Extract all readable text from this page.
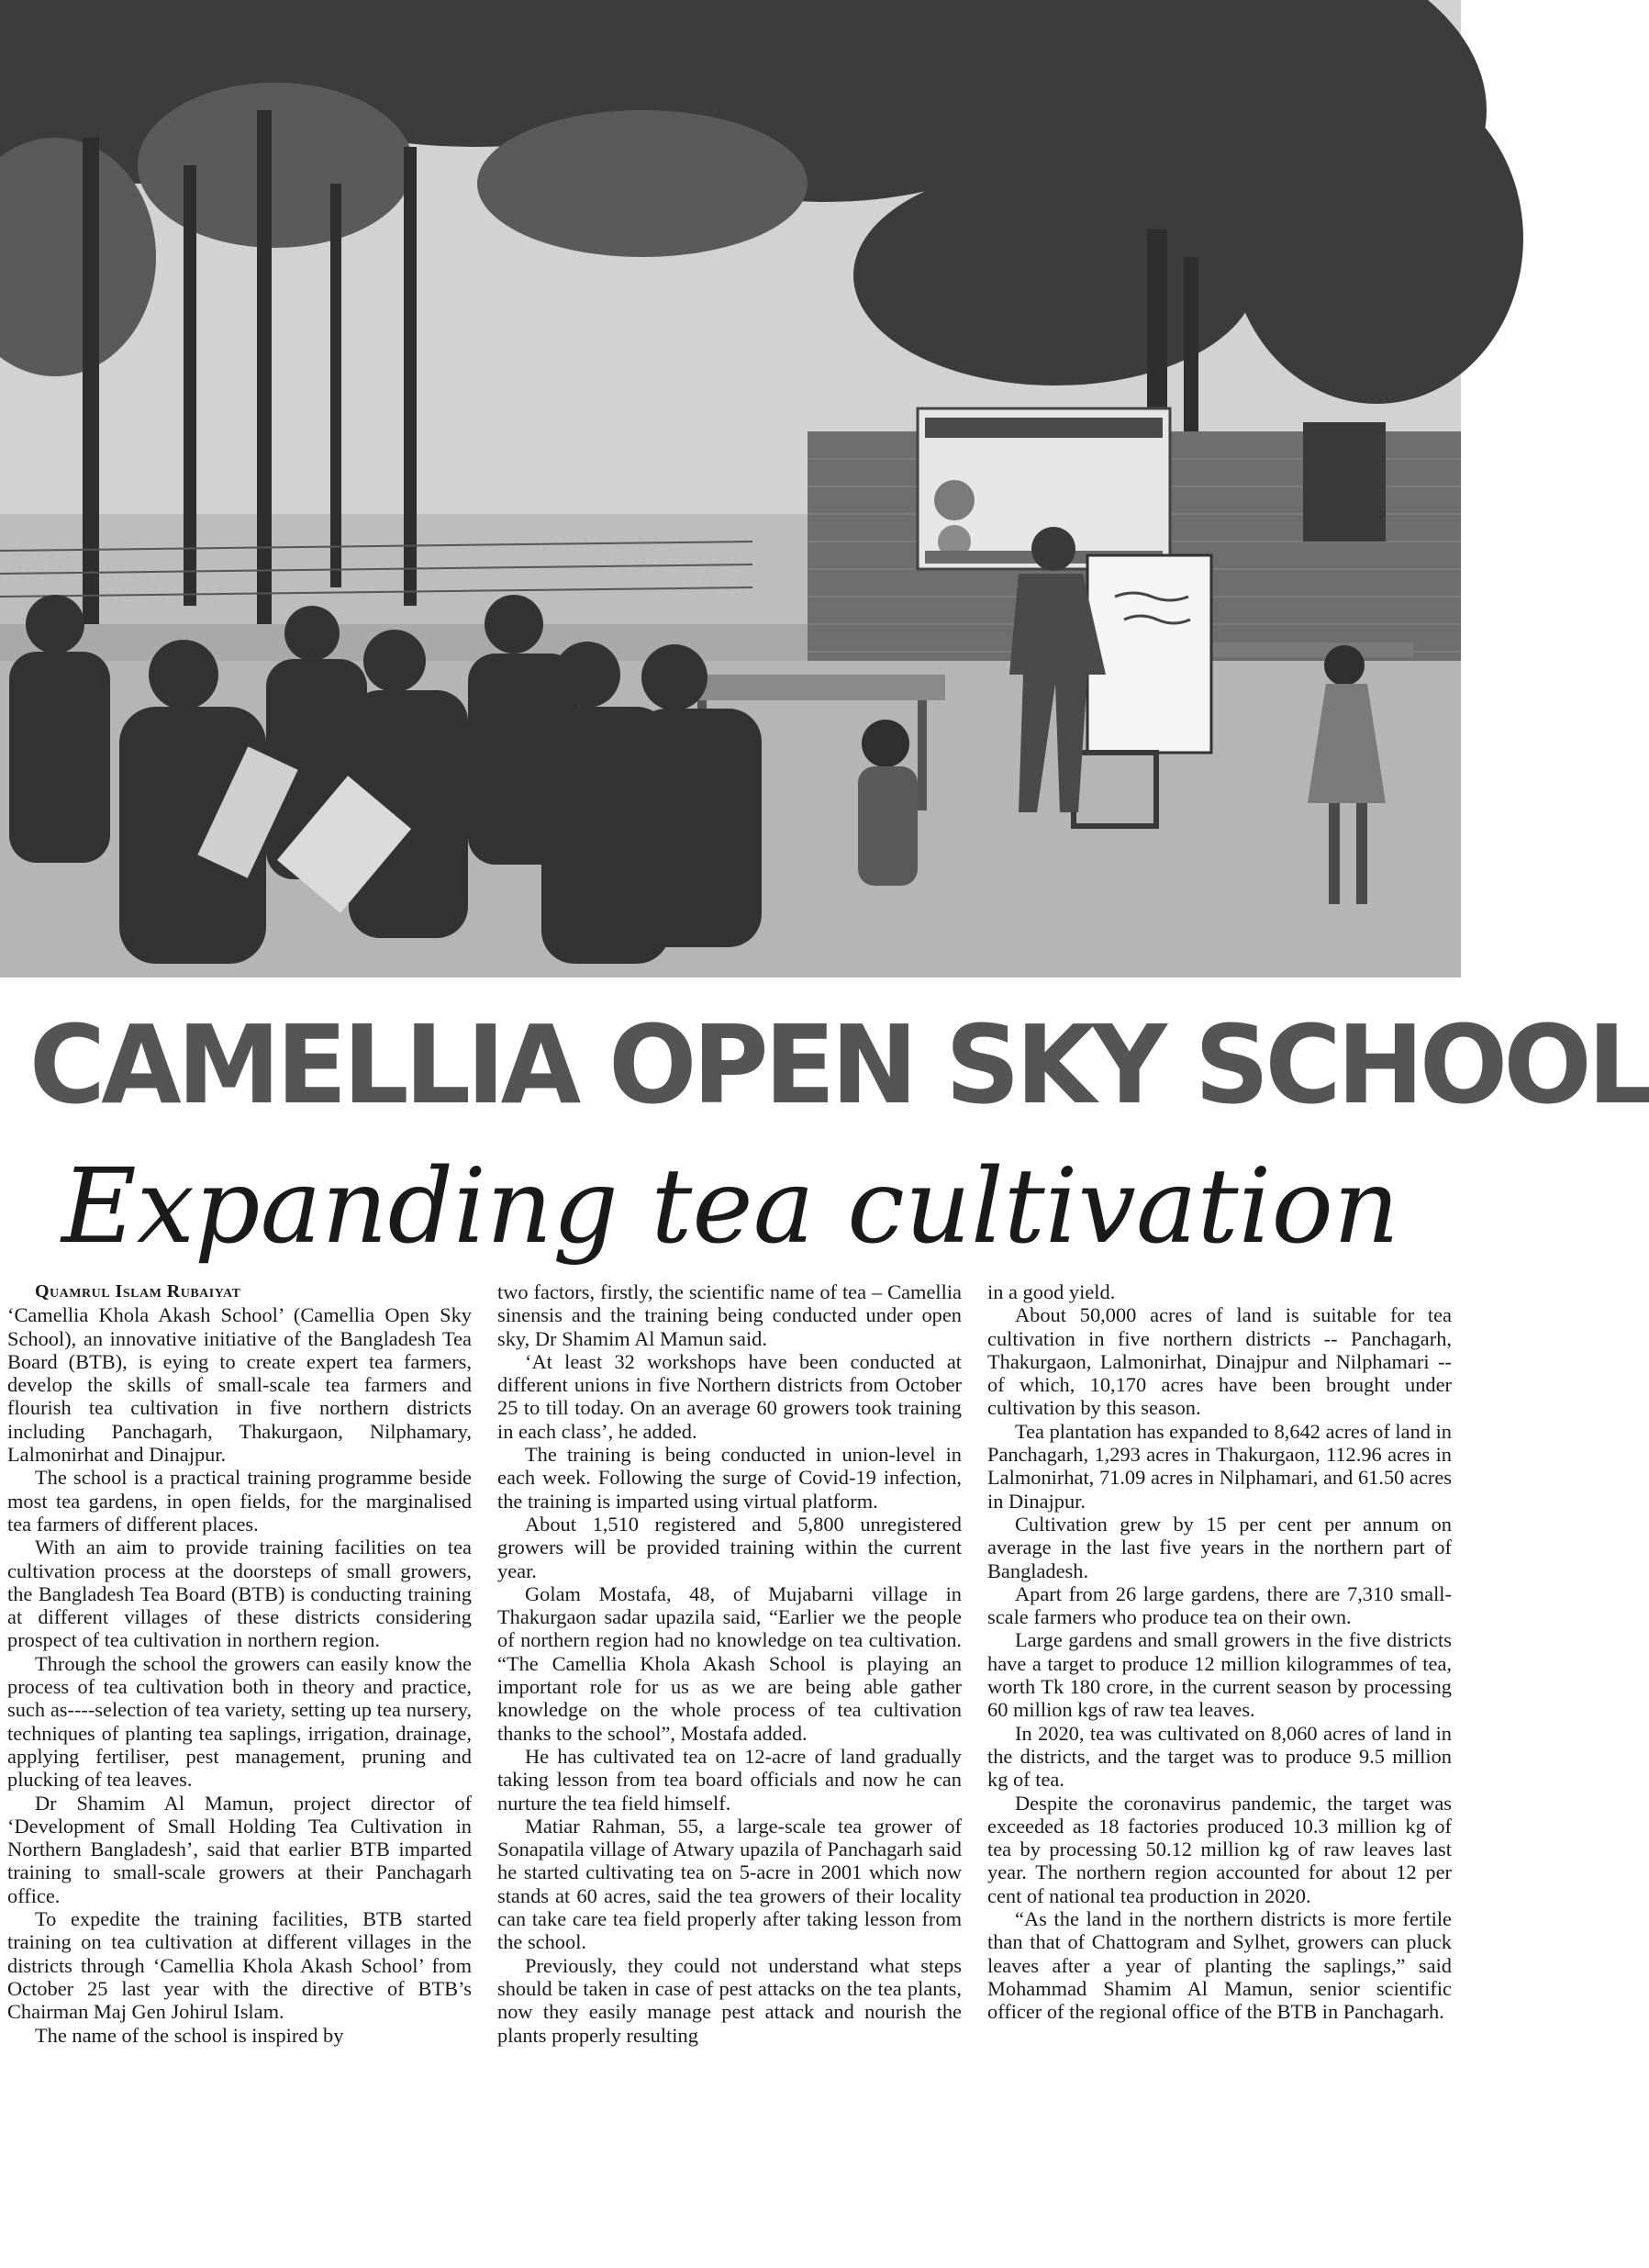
CAMELLIA OPEN SKY SCHOOL
Expanding tea cultivation

Quamrul Islam Rubaiyat

‘Camellia Khola Akash School’ (Camellia Open Sky School), an innovative initiative of the Bangladesh Tea Board (BTB), is eying to create expert tea farmers, develop the skills of small-scale tea farmers and flourish tea cultivation in five northern districts including Panchagarh, Thakurgaon, Nilphamary, Lalmonirhat and Dinajpur.

The school is a practical training programme beside most tea gardens, in open fields, for the marginalised tea farmers of different places.

With an aim to provide training facilities on tea cultivation process at the doorsteps of small growers, the Bangladesh Tea Board (BTB) is conducting training at different villages of these districts considering prospect of tea cultivation in northern region.

Through the school the growers can easily know the process of tea cultivation both in theory and practice, such as----selection of tea variety, setting up tea nursery, techniques of planting tea saplings, irrigation, drainage, applying fertiliser, pest management, pruning and plucking of tea leaves.

Dr Shamim Al Mamun, project director of ‘Development of Small Holding Tea Cultivation in Northern Bangladesh’, said that earlier BTB imparted training to small-scale growers at their Panchagarh office.

To expedite the training facilities, BTB started training on tea cultivation at different villages in the districts through ‘Camellia Khola Akash School’ from October 25 last year with the directive of BTB’s Chairman Maj Gen Johirul Islam.

The name of the school is inspired by

two factors, firstly, the scientific name of tea – Camellia sinensis and the training being conducted under open sky, Dr Shamim Al Mamun said.

‘At least 32 workshops have been conducted at different unions in five Northern districts from October 25 to till today. On an average 60 growers took training in each class’, he added.

The training is being conducted in union-level in each week. Following the surge of Covid-19 infection, the training is imparted using virtual platform.

About 1,510 registered and 5,800 unregistered growers will be provided training within the current year.

Golam Mostafa, 48, of Mujabarni village in Thakurgaon sadar upazila said, “Earlier we the people of northern region had no knowledge on tea cultivation. “The Camellia Khola Akash School is playing an important role for us as we are being able gather knowledge on the whole process of tea cultivation thanks to the school”, Mostafa added.

He has cultivated tea on 12-acre of land gradually taking lesson from tea board officials and now he can nurture the tea field himself.

Matiar Rahman, 55, a large-scale tea grower of Sonapatila village of Atwary upazila of Panchagarh said he started cultivating tea on 5-acre in 2001 which now stands at 60 acres, said the tea growers of their locality can take care tea field properly after taking lesson from the school.

Previously, they could not understand what steps should be taken in case of pest attacks on the tea plants, now they easily manage pest attack and nourish the plants properly resulting

in a good yield.

About 50,000 acres of land is suitable for tea cultivation in five northern districts -- Panchagarh, Thakurgaon, Lalmonirhat, Dinajpur and Nilphamari -- of which, 10,170 acres have been brought under cultivation by this season.

Tea plantation has expanded to 8,642 acres of land in Panchagarh, 1,293 acres in Thakurgaon, 112.96 acres in Lalmonirhat, 71.09 acres in Nilphamari, and 61.50 acres in Dinajpur.

Cultivation grew by 15 per cent per annum on average in the last five years in the northern part of Bangladesh.

Apart from 26 large gardens, there are 7,310 small-scale farmers who produce tea on their own.

Large gardens and small growers in the five districts have a target to produce 12 million kilogrammes of tea, worth Tk 180 crore, in the current season by processing 60 million kgs of raw tea leaves.

In 2020, tea was cultivated on 8,060 acres of land in the districts, and the target was to produce 9.5 million kg of tea.

Despite the coronavirus pandemic, the target was exceeded as 18 factories produced 10.3 million kg of tea by processing 50.12 million kg of raw leaves last year. The northern region accounted for about 12 per cent of national tea production in 2020.

“As the land in the northern districts is more fertile than that of Chattogram and Sylhet, growers can pluck leaves after a year of planting the saplings,” said Mohammad Shamim Al Mamun, senior scientific officer of the regional office of the BTB in Panchagarh.
